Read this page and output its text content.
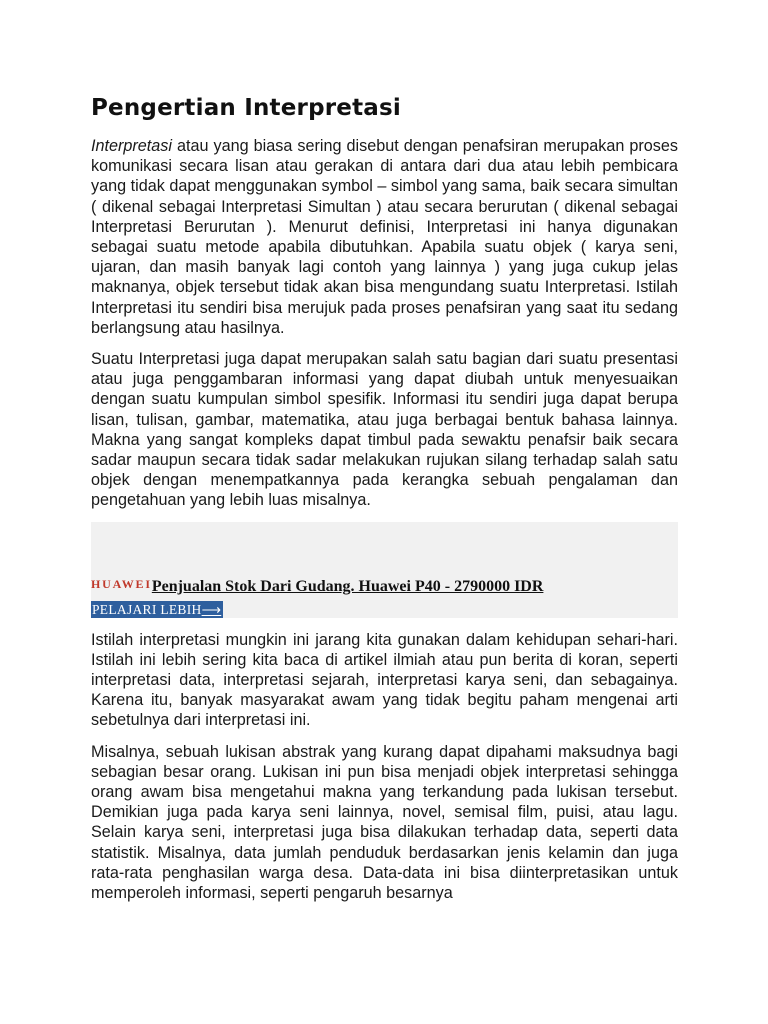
Pengertian Interpretasi

Interpretasi atau yang biasa sering disebut dengan penafsiran merupakan proses komunikasi secara lisan atau gerakan di antara dari dua atau lebih pembicara yang tidak dapat menggunakan symbol – simbol yang sama, baik secara simultan ( dikenal sebagai Interpretasi Simultan ) atau secara berurutan ( dikenal sebagai Interpretasi Berurutan ). Menurut definisi, Interpretasi ini hanya digunakan sebagai suatu metode apabila dibutuhkan. Apabila suatu objek ( karya seni, ujaran, dan masih banyak lagi contoh yang lainnya ) yang juga cukup jelas maknanya, objek tersebut tidak akan bisa mengundang suatu Interpretasi. Istilah Interpretasi itu sendiri bisa merujuk pada proses penafsiran yang saat itu sedang berlangsung atau hasilnya.

Suatu Interpretasi juga dapat merupakan salah satu bagian dari suatu presentasi atau juga penggambaran informasi yang dapat diubah untuk menyesuaikan dengan suatu kumpulan simbol spesifik. Informasi itu sendiri juga dapat berupa lisan, tulisan, gambar, matematika, atau juga berbagai bentuk bahasa lainnya. Makna yang sangat kompleks dapat timbul pada sewaktu penafsir baik secara sadar maupun secara tidak sadar melakukan rujukan silang terhadap salah satu objek dengan menempatkannya pada kerangka sebuah pengalaman dan pengetahuan yang lebih luas misalnya.

HUAWEIPenjualan Stok Dari Gudang. Huawei P40 - 2790000 IDR
PELAJARI LEBIH⟶

Istilah interpretasi mungkin ini jarang kita gunakan dalam kehidupan sehari-hari. Istilah ini lebih sering kita baca di artikel ilmiah atau pun berita di koran, seperti interpretasi data, interpretasi sejarah, interpretasi karya seni, dan sebagainya. Karena itu, banyak masyarakat awam yang tidak begitu paham mengenai arti sebetulnya dari interpretasi ini.

Misalnya, sebuah lukisan abstrak yang kurang dapat dipahami maksudnya bagi sebagian besar orang. Lukisan ini pun bisa menjadi objek interpretasi sehingga orang awam bisa mengetahui makna yang terkandung pada lukisan tersebut. Demikian juga pada karya seni lainnya, novel, semisal film, puisi, atau lagu. Selain karya seni, interpretasi juga bisa dilakukan terhadap data, seperti data statistik. Misalnya, data jumlah penduduk berdasarkan jenis kelamin dan juga rata-rata penghasilan warga desa. Data-data ini bisa diinterpretasikan untuk memperoleh informasi, seperti pengaruh besarnya
